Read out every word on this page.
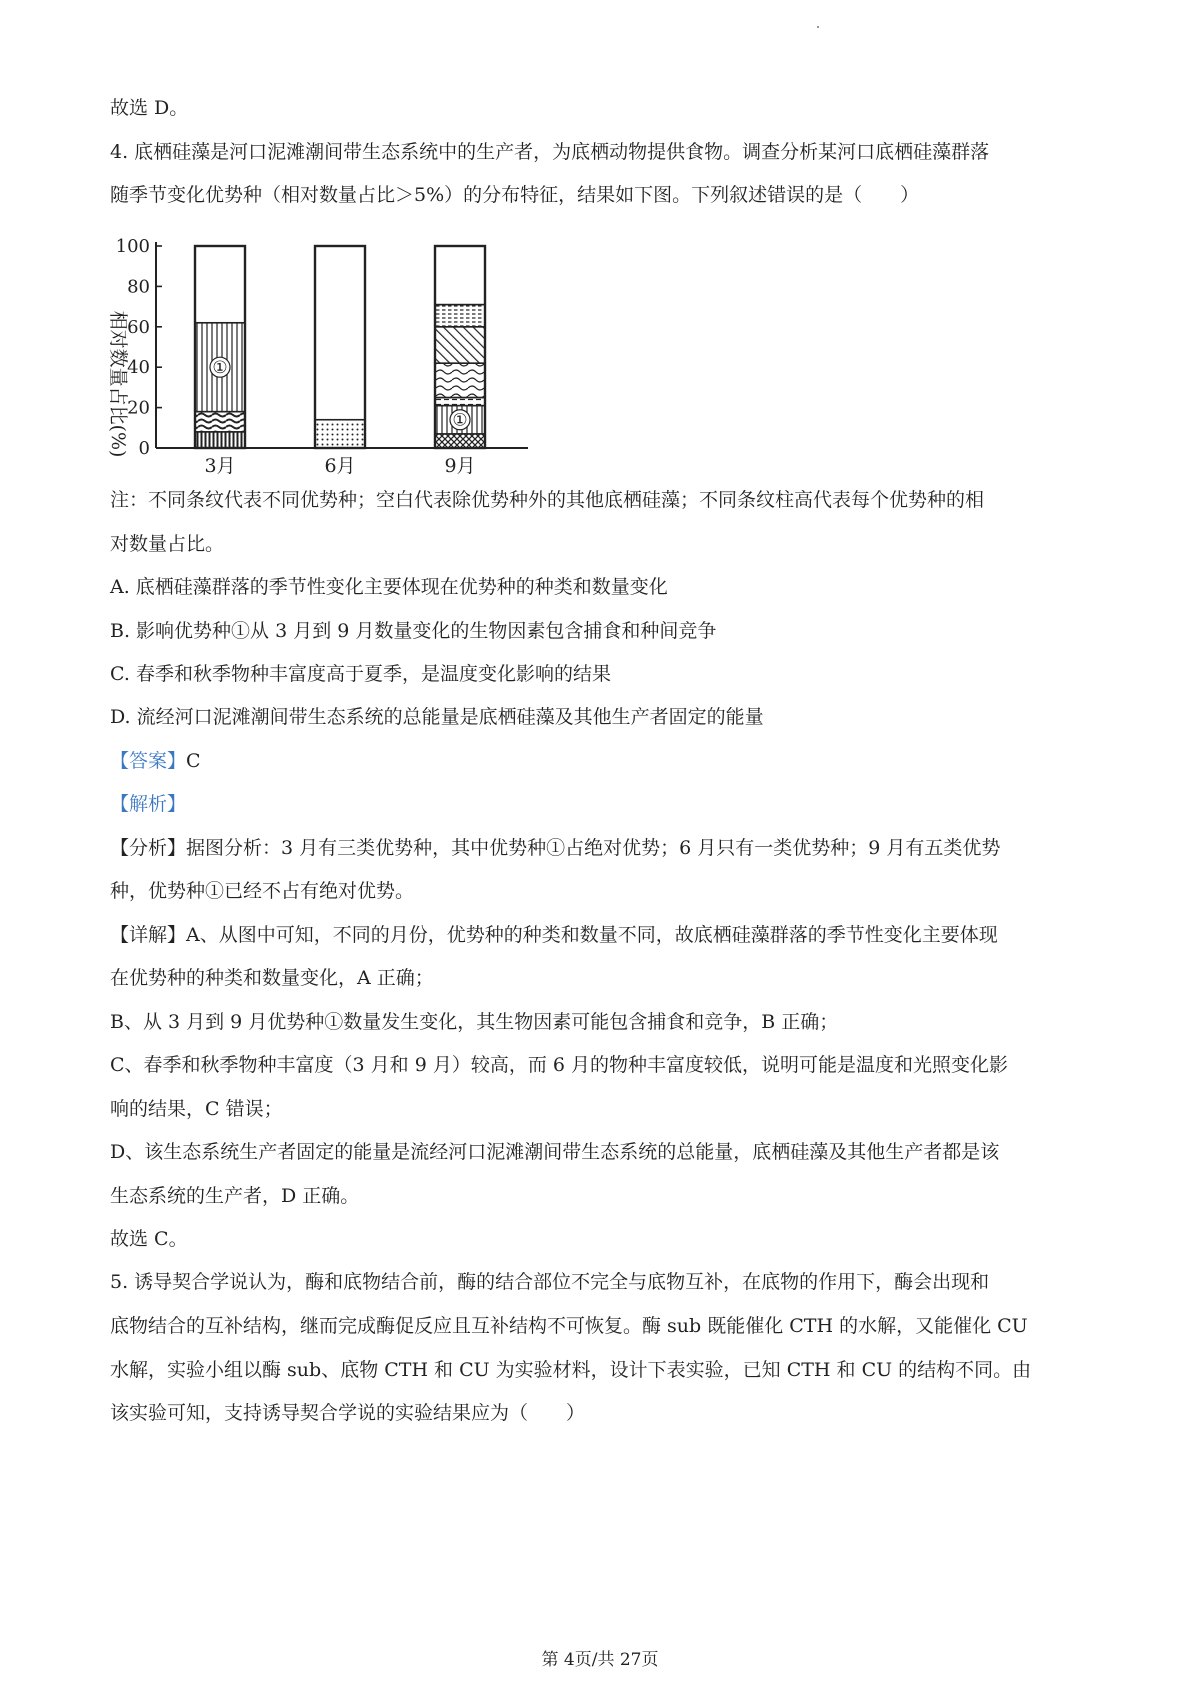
故选 D。
4. 底栖硅藻是河口泥滩潮间带生态系统中的生产者，为底栖动物提供食物。调查分析某河口底栖硅藻群落
随季节变化优势种（相对数量占比＞5%）的分布特征，结果如下图。下列叙述错误的是（　　）
0
20
40
60
80
100
①
3月	6月
①
9月
相对数量占比(%)
注：不同条纹代表不同优势种；空白代表除优势种外的其他底栖硅藻；不同条纹柱高代表每个优势种的相
对数量占比。
A. 底栖硅藻群落的季节性变化主要体现在优势种的种类和数量变化
B. 影响优势种①从 3 月到 9 月数量变化的生物因素包含捕食和种间竞争
C. 春季和秋季物种丰富度高于夏季，是温度变化影响的结果
D. 流经河口泥滩潮间带生态系统的总能量是底栖硅藻及其他生产者固定的能量
【答案】C
【解析】
【分析】据图分析：3 月有三类优势种，其中优势种①占绝对优势；6 月只有一类优势种；9 月有五类优势
种，优势种①已经不占有绝对优势。
【详解】A、从图中可知，不同的月份，优势种的种类和数量不同，故底栖硅藻群落的季节性变化主要体现
在优势种的种类和数量变化，A 正确；
B、从 3 月到 9 月优势种①数量发生变化，其生物因素可能包含捕食和竞争，B 正确；
C、春季和秋季物种丰富度（3 月和 9 月）较高，而 6 月的物种丰富度较低，说明可能是温度和光照变化影
响的结果，C 错误；
D、该生态系统生产者固定的能量是流经河口泥滩潮间带生态系统的总能量，底栖硅藻及其他生产者都是该
生态系统的生产者，D 正确。
故选 C。
5. 诱导契合学说认为，酶和底物结合前，酶的结合部位不完全与底物互补，在底物的作用下，酶会出现和
底物结合的互补结构，继而完成酶促反应且互补结构不可恢复。酶 sub 既能催化 CTH 的水解，又能催化 CU
水解，实验小组以酶 sub、底物 CTH 和 CU 为实验材料，设计下表实验，已知 CTH 和 CU 的结构不同。由
该实验可知，支持诱导契合学说的实验结果应为（　　）
第 4页/共 27页
